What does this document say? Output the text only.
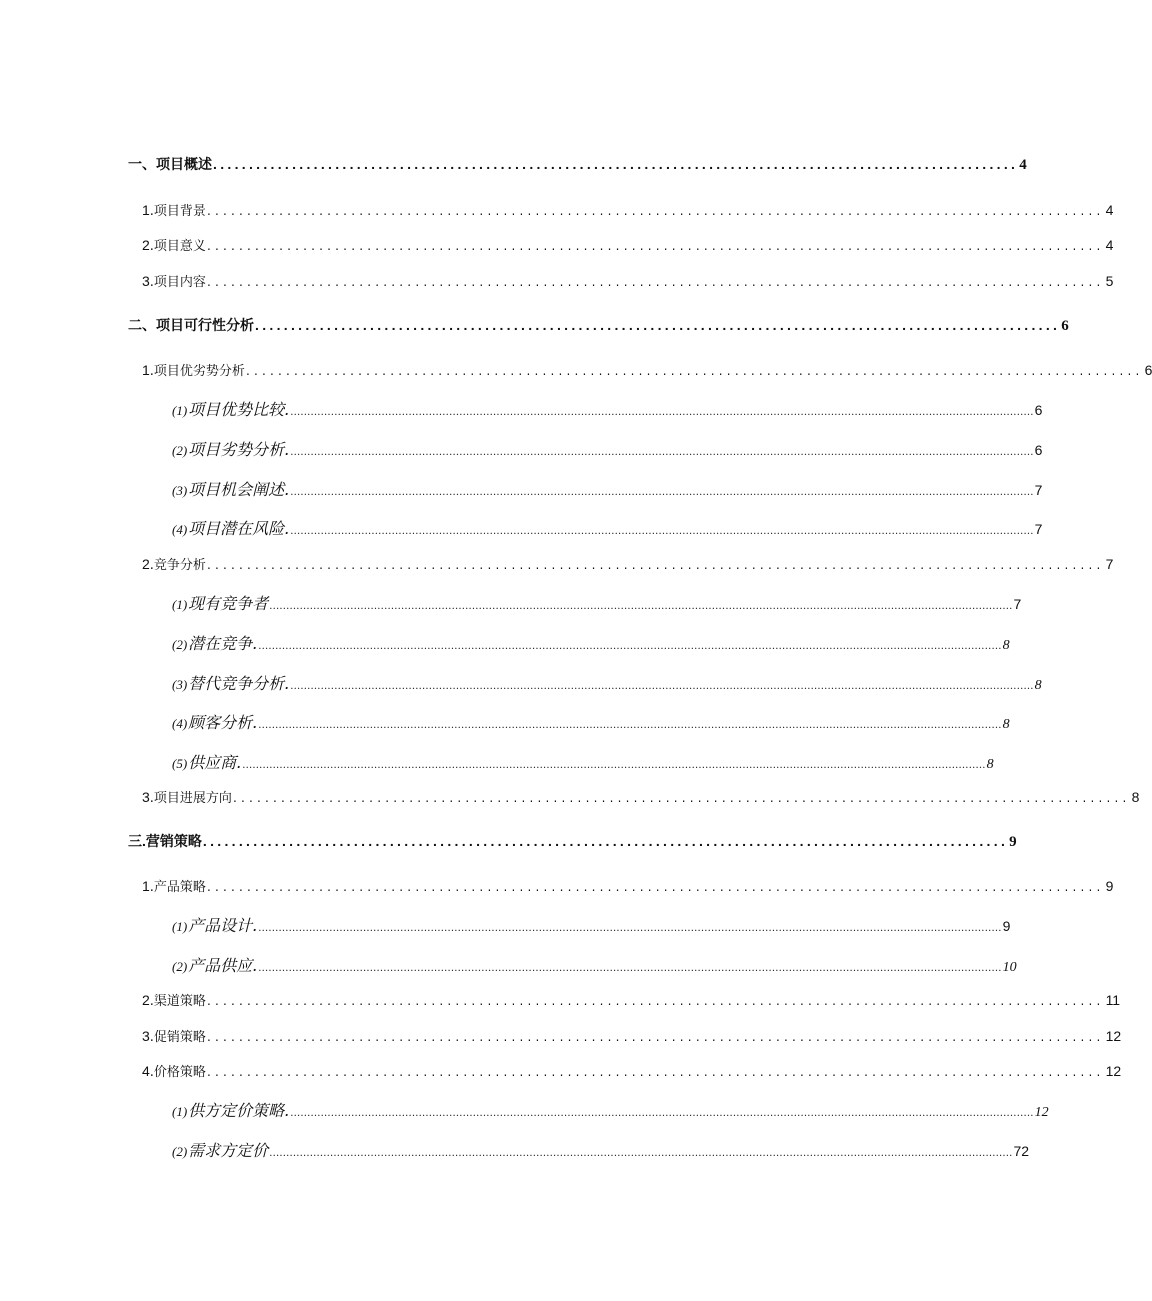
一、项目概述 ................................................................................................................ 4
1 .项目背景 ................................................................................................................ 4
2 .项目意义 ................................................................................................................ 4
3 .项目内容 ................................................................................................................ 5
二、项目可行性分析 ................................................................................................................ 6
1 .项目优劣势分析 ................................................................................................................ 6
(1) 项目优势比较. ............................................................................................................................................................................................................................ 6
(2) 项目劣势分析. ............................................................................................................................................................................................................................ 6
(3) 项目机会阐述. ............................................................................................................................................................................................................................ 7
(4) 项目潜在风险. ............................................................................................................................................................................................................................ 7
2 .竞争分析 ................................................................................................................ 7
(1) 现有竞争者 ............................................................................................................................................................................................................................ 7
(2) 潜在竞争. ............................................................................................................................................................................................................................ 8
(3) 替代竞争分析. ............................................................................................................................................................................................................................ 8
(4) 顾客分析. ............................................................................................................................................................................................................................ 8
(5) 供应商. ............................................................................................................................................................................................................................ 8
3 .项目进展方向 ................................................................................................................ 8
三.营销策略 ................................................................................................................ 9
1 .产品策略 ................................................................................................................ 9
(1) 产品设计. ............................................................................................................................................................................................................................ 9
(2) 产品供应. ............................................................................................................................................................................................................................ 10
2 .渠道策略 ................................................................................................................ 11
3 .促销策略 ................................................................................................................ 12
4 .价格策略 ................................................................................................................ 12
(1) 供方定价策略. ............................................................................................................................................................................................................................ 12
(2) 需求方定价 ............................................................................................................................................................................................................................ 72
